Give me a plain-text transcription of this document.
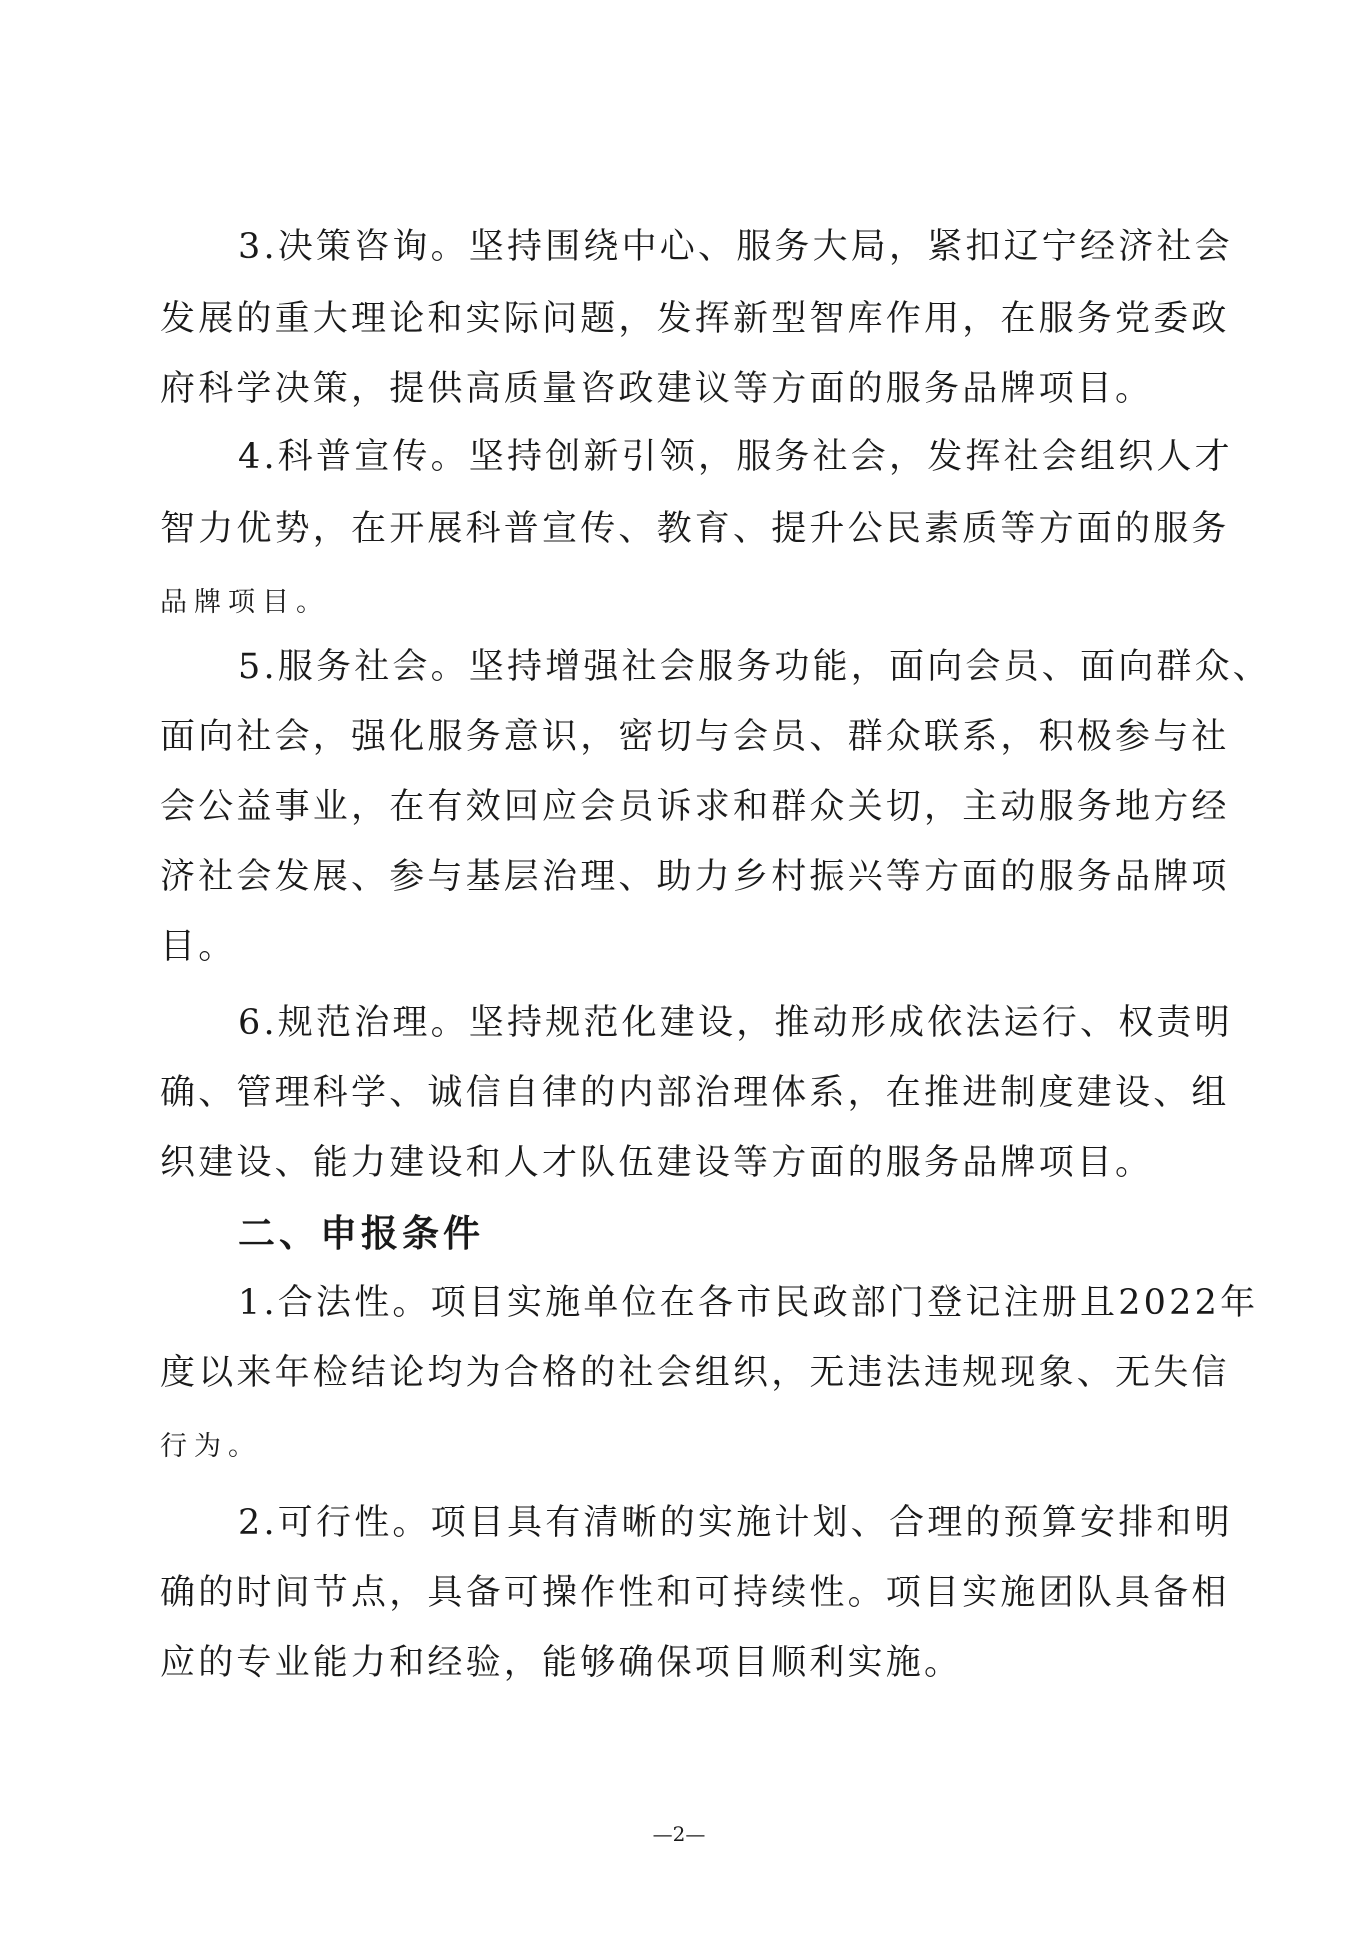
3.决策咨询。坚持围绕中心、服务大局，紧扣辽宁经济社会
发展的重大理论和实际问题，发挥新型智库作用，在服务党委政
府科学决策，提供高质量咨政建议等方面的服务品牌项目。
4.科普宣传。坚持创新引领，服务社会，发挥社会组织人才
智力优势，在开展科普宣传、教育、提升公民素质等方面的服务
品牌项目。
5.服务社会。坚持增强社会服务功能，面向会员、面向群众、
面向社会，强化服务意识，密切与会员、群众联系，积极参与社
会公益事业，在有效回应会员诉求和群众关切，主动服务地方经
济社会发展、参与基层治理、助力乡村振兴等方面的服务品牌项
目。
6.规范治理。坚持规范化建设，推动形成依法运行、权责明
确、管理科学、诚信自律的内部治理体系，在推进制度建设、组
织建设、能力建设和人才队伍建设等方面的服务品牌项目。
二、申报条件
1.合法性。项目实施单位在各市民政部门登记注册且2022年
度以来年检结论均为合格的社会组织，无违法违规现象、无失信
行为。
2.可行性。项目具有清晰的实施计划、合理的预算安排和明
确的时间节点，具备可操作性和可持续性。项目实施团队具备相
应的专业能力和经验，能够确保项目顺利实施。
—2—
